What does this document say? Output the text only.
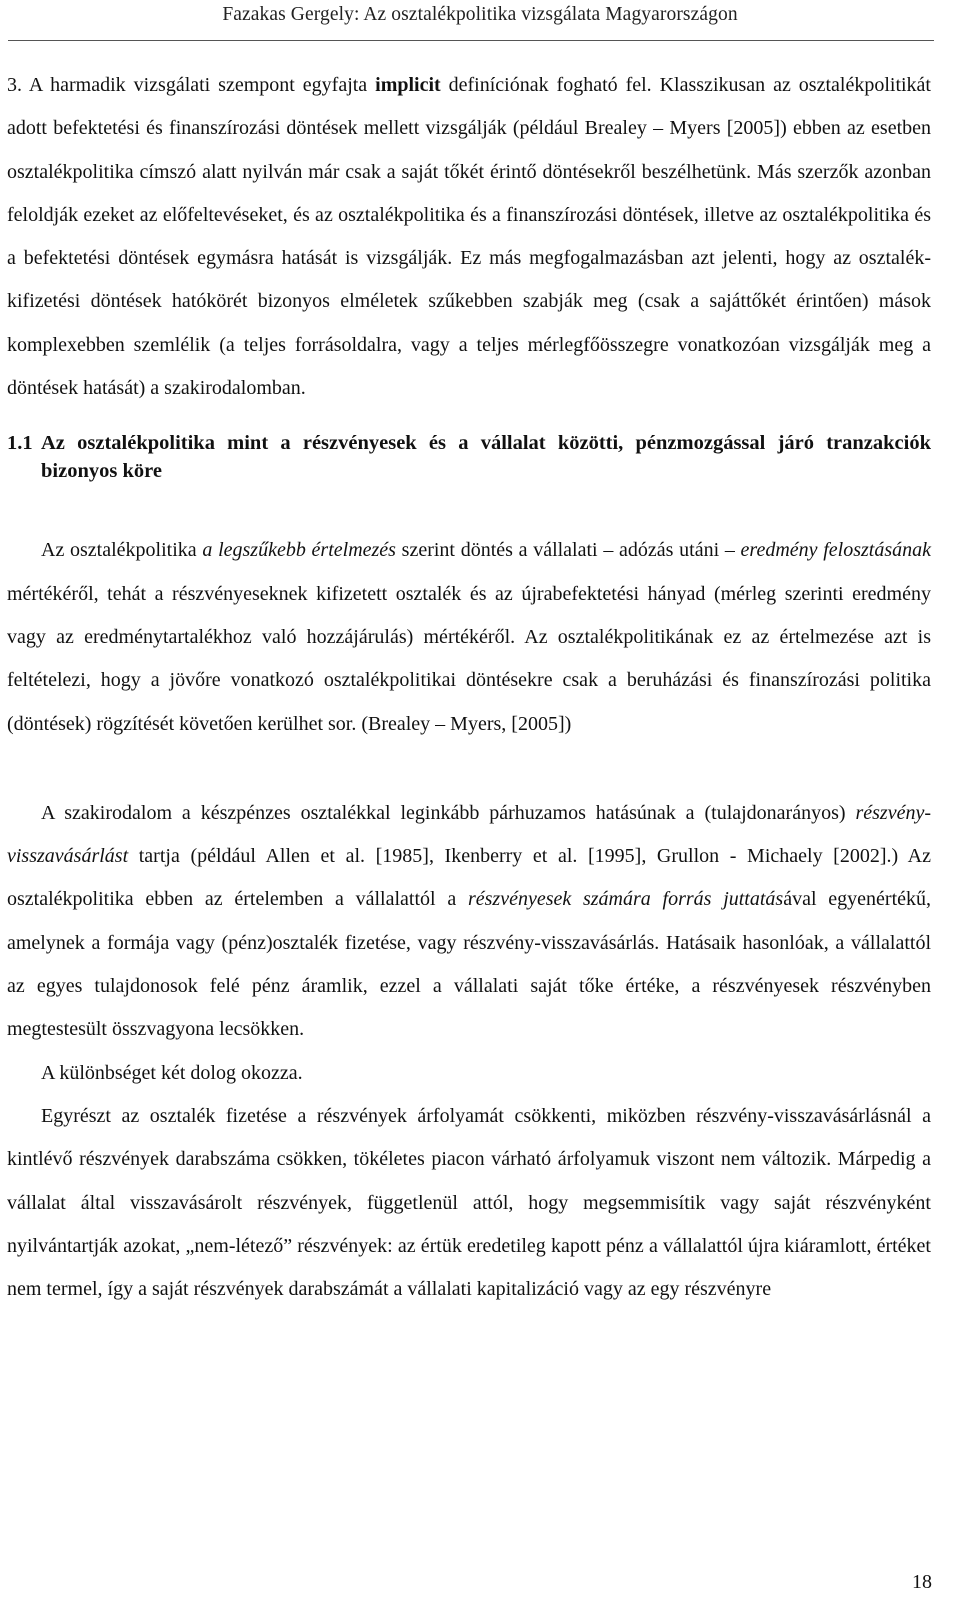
Fazakas Gergely: Az osztalékpolitika vizsgálata Magyarországon

3. A harmadik vizsgálati szempont egyfajta implicit definíciónak fogható fel. Klasszikusan az osztalékpolitikát adott befektetési és finanszírozási döntések mellett vizsgálják (például Brealey – Myers [2005]) ebben az esetben osztalékpolitika címszó alatt nyilván már csak a saját tőkét érintő döntésekről beszélhetünk. Más szerzők azonban feloldják ezeket az előfeltevéseket, és az osztalékpolitika és a finanszírozási döntések, illetve az osztalékpolitika és a befektetési döntések egymásra hatását is vizsgálják. Ez más megfogalmazásban azt jelenti, hogy az osztalék-kifizetési döntések hatókörét bizonyos elméletek szűkebben szabják meg (csak a sajáttőkét érintően) mások komplexebben szemlélik (a teljes forrásoldalra, vagy a teljes mérlegfőösszegre vonatkozóan vizsgálják meg a döntések hatását) a szakirodalomban.

1.1 Az osztalékpolitika mint a részvényesek és a vállalat közötti, pénzmozgással járó tranzakciók bizonyos köre

Az osztalékpolitika a legszűkebb értelmezés szerint döntés a vállalati – adózás utáni – eredmény felosztásának mértékéről, tehát a részvényeseknek kifizetett osztalék és az újrabefektetési hányad (mérleg szerinti eredmény vagy az eredménytartalékhoz való hozzájárulás) mértékéről. Az osztalékpolitikának ez az értelmezése azt is feltételezi, hogy a jövőre vonatkozó osztalékpolitikai döntésekre csak a beruházási és finanszírozási politika (döntések) rögzítését követően kerülhet sor. (Brealey – Myers, [2005])

A szakirodalom a készpénzes osztalékkal leginkább párhuzamos hatásúnak a (tulajdonarányos) részvény-visszavásárlást tartja (például Allen et al. [1985], Ikenberry et al. [1995], Grullon - Michaely [2002].) Az osztalékpolitika ebben az értelemben a vállalattól a részvényesek számára forrás juttatásával egyenértékű, amelynek a formája vagy (pénz)osztalék fizetése, vagy részvény-visszavásárlás. Hatásaik hasonlóak, a vállalattól az egyes tulajdonosok felé pénz áramlik, ezzel a vállalati saját tőke értéke, a részvényesek részvényben megtestesült összvagyona lecsökken.

A különbséget két dolog okozza.

Egyrészt az osztalék fizetése a részvények árfolyamát csökkenti, miközben részvény-visszavásárlásnál a kintlévő részvények darabszáma csökken, tökéletes piacon várható árfolyamuk viszont nem változik. Márpedig a vállalat által visszavásárolt részvények, függetlenül attól, hogy megsemmisítik vagy saját részvényként nyilvántartják azokat, „nem-létező” részvények: az értük eredetileg kapott pénz a vállalattól újra kiáramlott, értéket nem termel, így a saját részvények darabszámát a vállalati kapitalizáció vagy az egy részvényre

18
